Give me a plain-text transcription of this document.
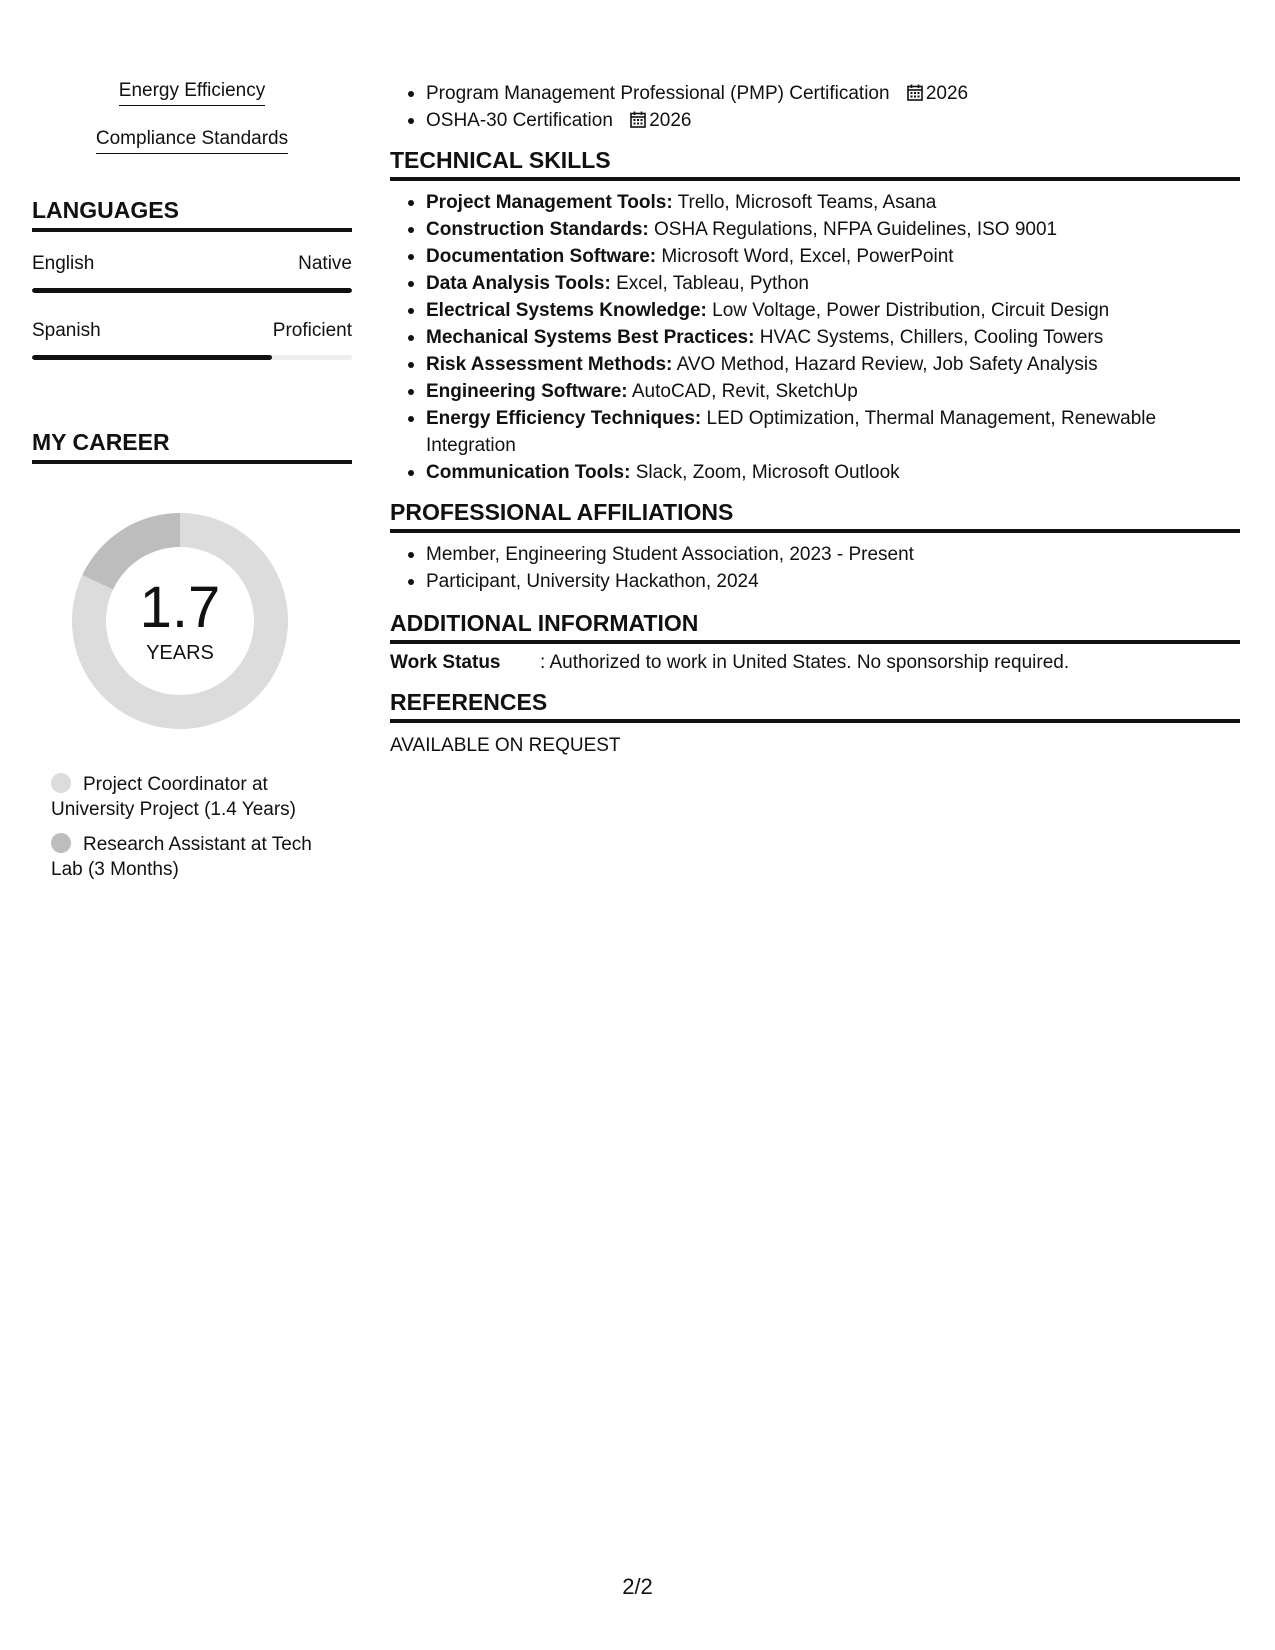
Energy Efficiency
Compliance Standards
LANGUAGES
English	Native
Spanish	Proficient
MY CAREER
1.7
YEARS
Project Coordinator at University Project (1.4 Years)
Research Assistant at Tech Lab (3 Months)
Program Management Professional (PMP) Certification 2026
OSHA-30 Certification 2026
TECHNICAL SKILLS
Project Management Tools: Trello, Microsoft Teams, Asana
Construction Standards: OSHA Regulations, NFPA Guidelines, ISO 9001
Documentation Software: Microsoft Word, Excel, PowerPoint
Data Analysis Tools: Excel, Tableau, Python
Electrical Systems Knowledge: Low Voltage, Power Distribution, Circuit Design
Mechanical Systems Best Practices: HVAC Systems, Chillers, Cooling Towers
Risk Assessment Methods: AVO Method, Hazard Review, Job Safety Analysis
Engineering Software: AutoCAD, Revit, SketchUp
Energy Efficiency Techniques: LED Optimization, Thermal Management, Renewable Integration
Communication Tools: Slack, Zoom, Microsoft Outlook
PROFESSIONAL AFFILIATIONS
Member, Engineering Student Association, 2023 - Present
Participant, University Hackathon, 2024
ADDITIONAL INFORMATION
Work Status	: Authorized to work in United States. No sponsorship required.
REFERENCES
AVAILABLE ON REQUEST
2/2
